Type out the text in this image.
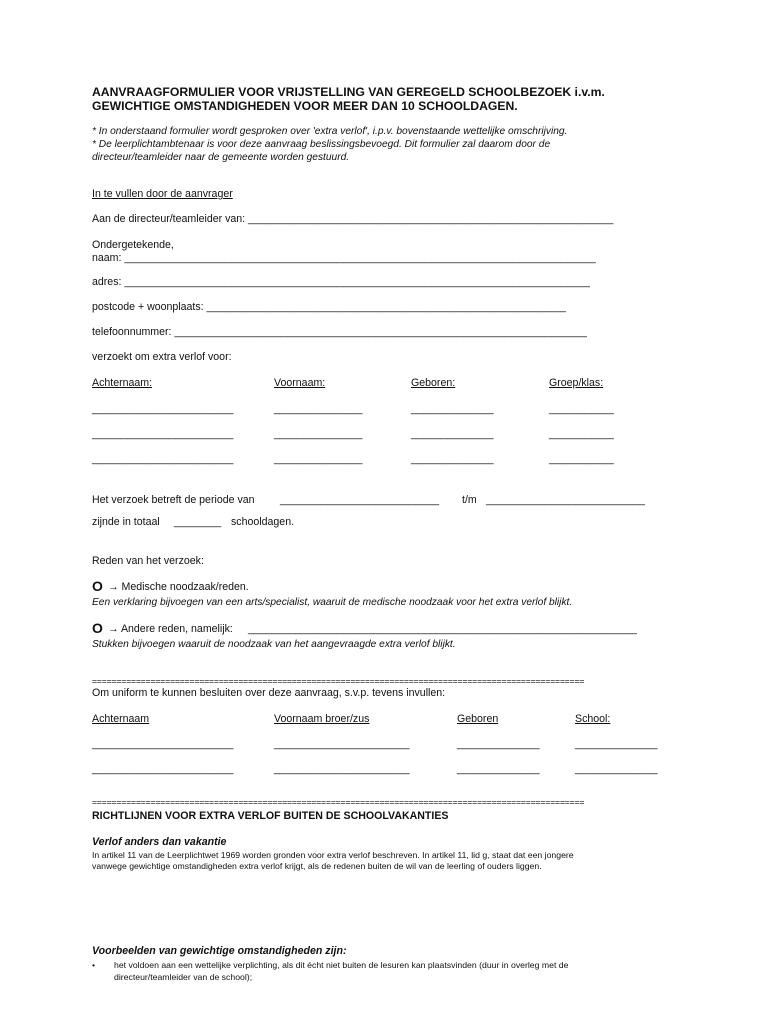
AANVRAAGFORMULIER VOOR VRIJSTELLING VAN GEREGELD SCHOOLBEZOEK i.v.m.
GEWICHTIGE OMSTANDIGHEDEN VOOR MEER DAN 10 SCHOOLDAGEN.
* In onderstaand formulier wordt gesproken over 'extra verlof', i.p.v. bovenstaande wettelijke omschrijving.
* De leerplichtambtenaar is voor deze aanvraag beslissingsbevoegd. Dit formulier zal daarom door de
directeur/teamleider naar de gemeente worden gestuurd.
In te vullen door de aanvrager
Aan de directeur/teamleider van: ______________________________________________________________
Ondergetekende,
naam: ________________________________________________________________________________
adres: _______________________________________________________________________________
postcode + woonplaats: _____________________________________________________________
telefoonnummer: ______________________________________________________________________
verzoekt om extra verlof voor:
Achternaam:	Voornaam:	Geboren:	Groep/klas:
________________________	_______________	______________	___________
________________________	_______________	______________	___________
________________________	_______________	______________	___________
Het verzoek betreft de periode van ___________________________ t/m ___________________________
zijnde in totaal ________ schooldagen.
Reden van het verzoek:
O → Medische noodzaak/reden.
Een verklaring bijvoegen van een arts/specialist, waaruit de medische noodzaak voor het extra verlof blijkt.
O → Andere reden, namelijk: __________________________________________________________________
Stukken bijvoegen waaruit de noodzaak van het aangevraagde extra verlof blijkt.
=====================================================================================================
Om uniform te kunnen besluiten over deze aanvraag, s.v.p. tevens invullen:
Achternaam	Voornaam broer/zus	Geboren	School:
________________________	_______________________	______________	______________
________________________	_______________________	______________	______________
=====================================================================================================
RICHTLIJNEN VOOR EXTRA VERLOF BUITEN DE SCHOOLVAKANTIES
Verlof anders dan vakantie
In artikel 11 van de Leerplichtwet 1969 worden gronden voor extra verlof beschreven. In artikel 11, lid g, staat dat een jongere
vanwege gewichtige omstandigheden extra verlof krijgt, als de redenen buiten de wil van de leerling of ouders liggen.
Voorbeelden van gewichtige omstandigheden zijn:
• het voldoen aan een wettelijke verplichting, als dit écht niet buiten de lesuren kan plaatsvinden (duur in overleg met de
directeur/teamleider van de school);
